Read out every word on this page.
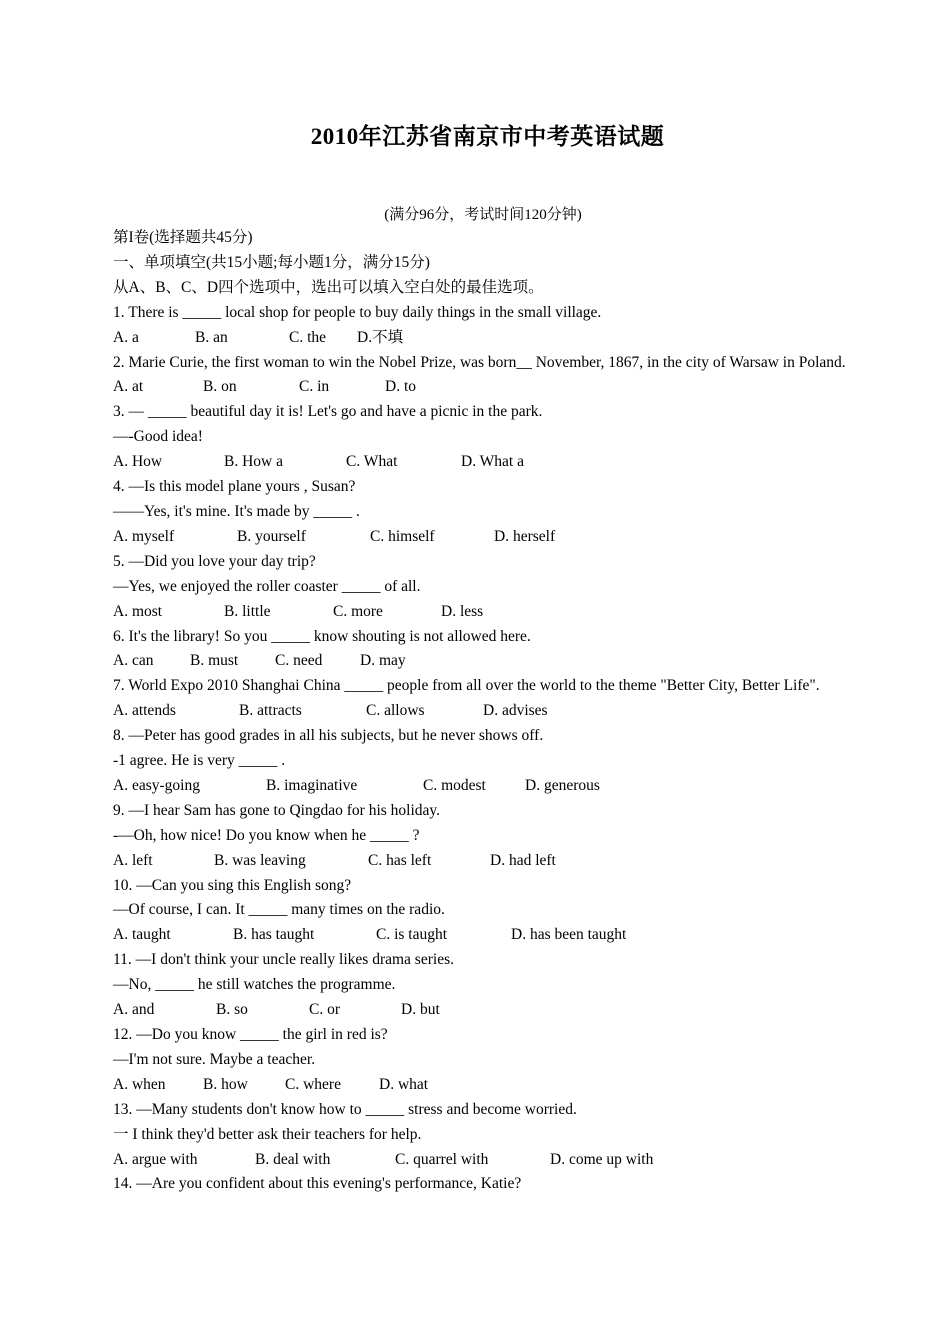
2010年江苏省南京市中考英语试题
(满分96分，考试时间120分钟)
第I卷(选择题共45分)
一、单项填空(共15小题;每小题1分，满分15分)
从A、B、C、D四个选项中，选出可以填入空白处的最佳选项。
1. There is _____ local shop for people to buy daily things in the small village.
A. a	B. an	C. the D.不填
2. Marie Curie, the first woman to win the Nobel Prize, was born__ November, 1867, in the city of Warsaw in Poland.
A. at	B. on	C. in	D. to
3. — _____ beautiful day it is! Let's go and have a picnic in the park.
—-Good idea!
A. How	B. How a	C. What	D. What a
4. —Is this model plane yours , Susan?
——Yes, it's mine. It's made by _____ .
A. myself	B. yourself	C. himself	D. herself
5. —Did you love your day trip?
—Yes, we enjoyed the roller coaster _____ of all.
A. most	B. little	C. more	D. less
6. It's the library! So you _____ know shouting is not allowed here.
A. can B. must C. need D. may
7. World Expo 2010 Shanghai China _____ people from all over the world to the theme "Better City, Better Life".
A. attends	B. attracts	C. allows	D. advises
8. —Peter has good grades in all his subjects, but he never shows off.
-1 agree. He is very _____ .
A. easy-going	B. imaginative	C. modest	D. generous
9. —I hear Sam has gone to Qingdao for his holiday.
-—Oh, how nice! Do you know when he _____ ?
A. left	B. was leaving	C. has left	D. had left
10. —Can you sing this English song?
—Of course, I can. It _____ many times on the radio.
A. taught	B. has taught	C. is taught	D. has been taught
11. —I don't think your uncle really likes drama series.
—No, _____ he still watches the programme.
A. and	B. so	C. or	D. but
12. —Do you know _____ the girl in red is?
—I'm not sure. Maybe a teacher.
A. when B. how C. where D. what
13. —Many students don't know how to _____ stress and become worried.
一 I think they'd better ask their teachers for help.
A. argue with	B. deal with	C. quarrel with	D. come up with
14. —Are you confident about this evening's performance, Katie?
